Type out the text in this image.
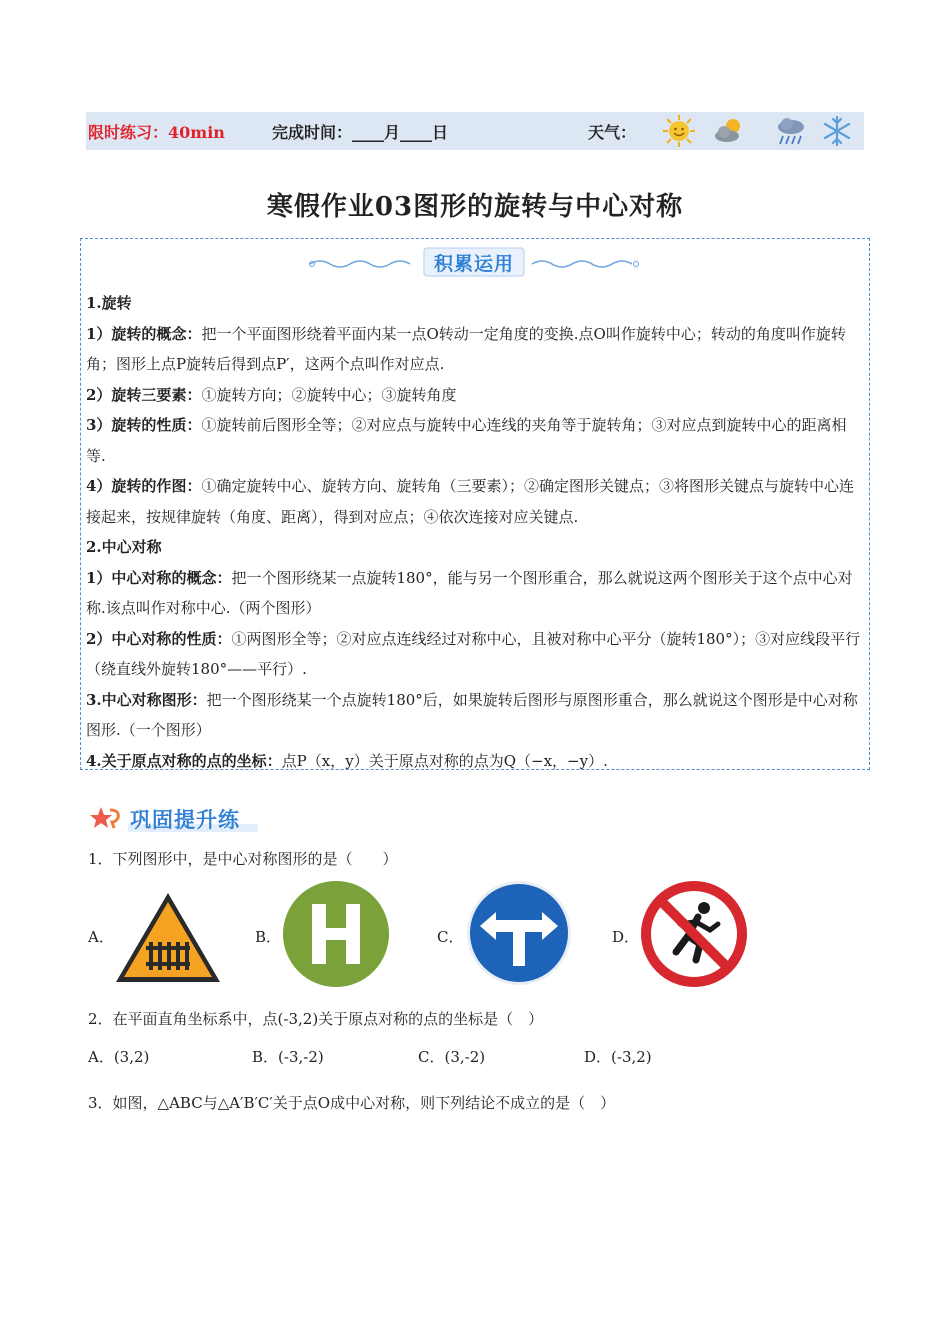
限时练习：40min	完成时间：____月____日	天气：
寒假作业03图形的旋转与中心对称
积累运用

1.旋转

1）旋转的概念：把一个平面图形绕着平面内某一点O转动一定角度的变换.点O叫作旋转中心；转动的角度叫作旋转角；图形上点P旋转后得到点P′，这两个点叫作对应点.

2）旋转三要素：①旋转方向；②旋转中心；③旋转角度

3）旋转的性质：①旋转前后图形全等；②对应点与旋转中心连线的夹角等于旋转角；③对应点到旋转中心的距离相等.

4）旋转的作图：①确定旋转中心、旋转方向、旋转角（三要素）；②确定图形关键点；③将图形关键点与旋转中心连接起来，按规律旋转（角度、距离），得到对应点；④依次连接对应关键点.

2.中心对称

1）中心对称的概念：把一个图形绕某一点旋转180°，能与另一个图形重合，那么就说这两个图形关于这个点中心对称.该点叫作对称中心.（两个图形）

2）中心对称的性质：①两图形全等；②对应点连线经过对称中心，且被对称中心平分（旋转180°）；③对应线段平行（绕直线外旋转180°——平行）.

3.中心对称图形：把一个图形绕某一个点旋转180°后，如果旋转后图形与原图形重合，那么就说这个图形是中心对称图形.（一个图形）

4.关于原点对称的点的坐标：点P（x，y）关于原点对称的点为Q（−x，−y）.

巩固提升练
1．下列图形中，是中心对称图形的是（　　）
A．	B．	C．	D．
2．在平面直角坐标系中，点(-3,2)关于原点对称的点的坐标是（　）
A．(3,2)	B．(-3,-2)	C．(3,-2)	D．(-3,2)
3．如图，△ABC与△A′B′C′关于点O成中心对称，则下列结论不成立的是（　）
